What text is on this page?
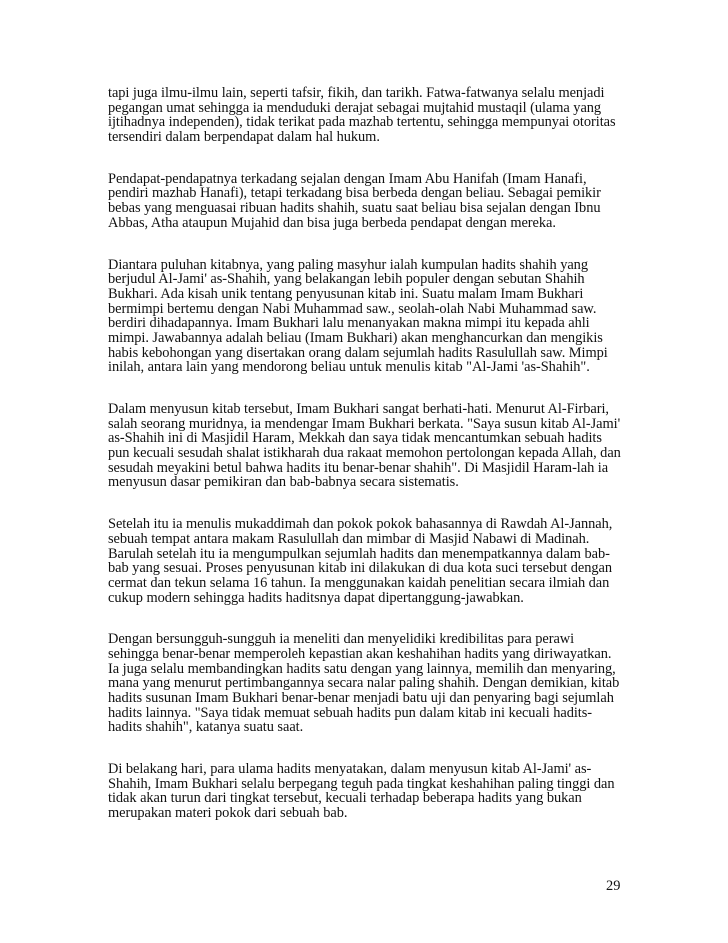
tapi juga ilmu-ilmu lain, seperti tafsir, fikih, dan tarikh. Fatwa-fatwanya selalu menjadi
pegangan umat sehingga ia menduduki derajat sebagai mujtahid mustaqil (ulama yang
ijtihadnya independen), tidak terikat pada mazhab tertentu, sehingga mempunyai otoritas
tersendiri dalam berpendapat dalam hal hukum.
Pendapat-pendapatnya terkadang sejalan dengan Imam Abu Hanifah (Imam Hanafi,
pendiri mazhab Hanafi), tetapi terkadang bisa berbeda dengan beliau. Sebagai pemikir
bebas yang menguasai ribuan hadits shahih, suatu saat beliau bisa sejalan dengan Ibnu
Abbas, Atha ataupun Mujahid dan bisa juga berbeda pendapat dengan mereka.
Diantara puluhan kitabnya, yang paling masyhur ialah kumpulan hadits shahih yang
berjudul Al-Jami' as-Shahih, yang belakangan lebih populer dengan sebutan Shahih
Bukhari. Ada kisah unik tentang penyusunan kitab ini. Suatu malam Imam Bukhari
bermimpi bertemu dengan Nabi Muhammad saw., seolah-olah Nabi Muhammad saw.
berdiri dihadapannya. Imam Bukhari lalu menanyakan makna mimpi itu kepada ahli
mimpi. Jawabannya adalah beliau (Imam Bukhari) akan menghancurkan dan mengikis
habis kebohongan yang disertakan orang dalam sejumlah hadits Rasulullah saw. Mimpi
inilah, antara lain yang mendorong beliau untuk menulis kitab "Al-Jami 'as-Shahih".
Dalam menyusun kitab tersebut, Imam Bukhari sangat berhati-hati. Menurut Al-Firbari,
salah seorang muridnya, ia mendengar Imam Bukhari berkata. "Saya susun kitab Al-Jami'
as-Shahih ini di Masjidil Haram, Mekkah dan saya tidak mencantumkan sebuah hadits
pun kecuali sesudah shalat istikharah dua rakaat memohon pertolongan kepada Allah, dan
sesudah meyakini betul bahwa hadits itu benar-benar shahih". Di Masjidil Haram-lah ia
menyusun dasar pemikiran dan bab-babnya secara sistematis.
Setelah itu ia menulis mukaddimah dan pokok pokok bahasannya di Rawdah Al-Jannah,
sebuah tempat antara makam Rasulullah dan mimbar di Masjid Nabawi di Madinah.
Barulah setelah itu ia mengumpulkan sejumlah hadits dan menempatkannya dalam bab-
bab yang sesuai. Proses penyusunan kitab ini dilakukan di dua kota suci tersebut dengan
cermat dan tekun selama 16 tahun. Ia menggunakan kaidah penelitian secara ilmiah dan
cukup modern sehingga hadits haditsnya dapat dipertanggung-jawabkan.
Dengan bersungguh-sungguh ia meneliti dan menyelidiki kredibilitas para perawi
sehingga benar-benar memperoleh kepastian akan keshahihan hadits yang diriwayatkan.
Ia juga selalu membandingkan hadits satu dengan yang lainnya, memilih dan menyaring,
mana yang menurut pertimbangannya secara nalar paling shahih. Dengan demikian, kitab
hadits susunan Imam Bukhari benar-benar menjadi batu uji dan penyaring bagi sejumlah
hadits lainnya. "Saya tidak memuat sebuah hadits pun dalam kitab ini kecuali hadits-
hadits shahih", katanya suatu saat.
Di belakang hari, para ulama hadits menyatakan, dalam menyusun kitab Al-Jami' as-
Shahih, Imam Bukhari selalu berpegang teguh pada tingkat keshahihan paling tinggi dan
tidak akan turun dari tingkat tersebut, kecuali terhadap beberapa hadits yang bukan
merupakan materi pokok dari sebuah bab.
29
